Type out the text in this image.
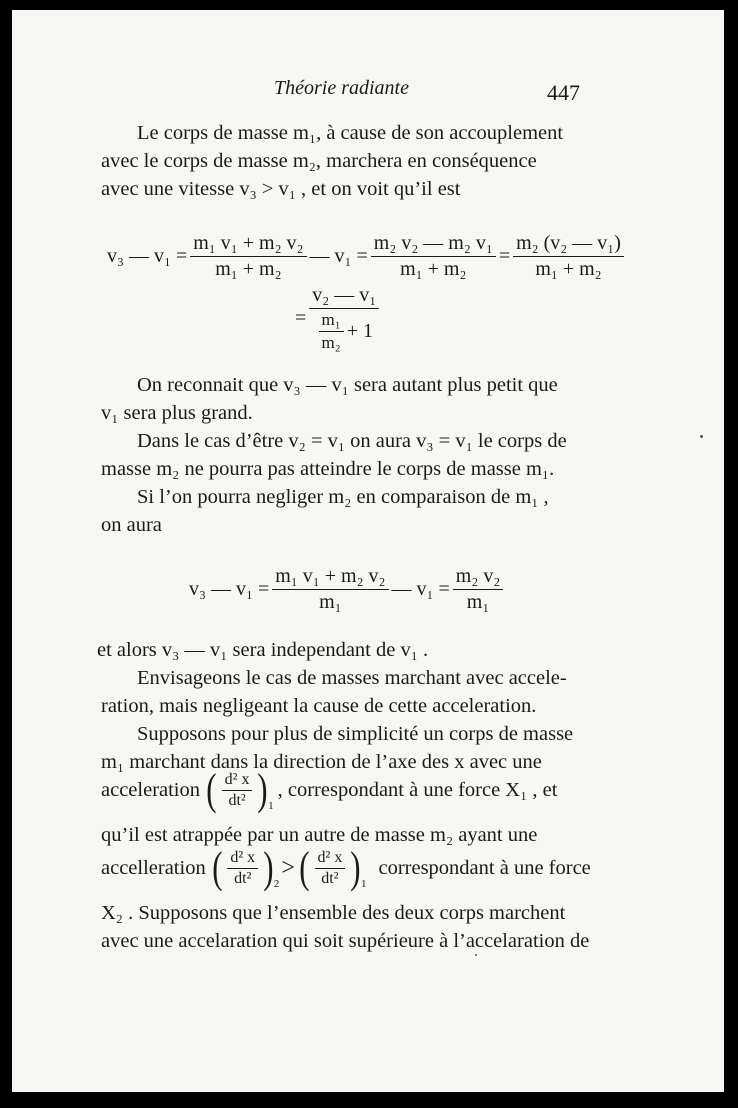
Théorie radiante	447
Le corps de masse m₁, à cause de son accouplement
avec le corps de masse m₂, marchera en conséquence
avec une vitesse v₃ > v₁ , et on voit qu’il est
v₃ — $v_1 = \frac{\text{m₁ v₁ + m₂ v₂}}{\text{m₁ + m₂}}$ — $v_1 = \frac{\text{m₂ v₂ — m₂ v₁}}{\text{m₁ + m₂}} = \frac{\text{m₂ (v₂ — v₁)}}{\text{m₁ + m₂}}$
= $\frac{\text{v₂ — v₁}}{\frac{\text{m₁}}{\text{m₂}} + 1}$
On reconnait que v₃ — v₁ sera autant plus petit que
v₁ sera plus grand.
Dans le cas d’être v₂ = v₁ on aura v₃ = v₁ le corps de
masse m₂ ne pourra pas atteindre le corps de masse m₁.
Si l’on pourra negliger m₂ en comparaison de m₁ ,
on aura
v₃ — $v_1 = \frac{\text{m₁ v₁ + m₂ v₂}}{\text{m₁}}$ — $v_1 = \frac{\text{m₂ v₂}}{\text{m₁}}$
et alors v₃ — v₁ sera independant de v₁ .
Envisageons le cas de masses marchant avec accele-
ration, mais negligeant la cause de cette acceleration.
Supposons pour plus de simplicité un corps de masse
m₁ marchant dans la direction de l’axe des x avec une
acceleration ( $\frac{\text{d² x}}{\text{dt²}}$ ) 1
, correspondant à une force X₁ , et
qu’il est atrappée par un autre de masse m₂ ayant une
accelleration ( $\frac{\text{d² x}}{\text{dt²}}$ ) 2
> ( $\frac{\text{d² x}}{\text{dt²}}$ ) 1
correspondant à une force
X₂ . Supposons que l’ensemble des deux corps marchent
avec une accelaration qui soit supérieure à l’accelaration de
